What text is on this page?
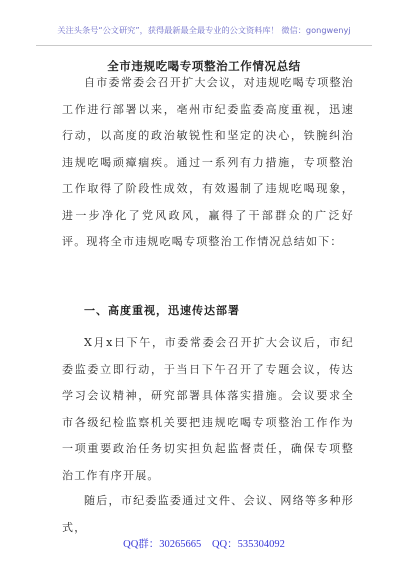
关注头条号“公文研究”，获得最新最全最专业的公文资料库！ 微信：gongwenyj
全市违规吃喝专项整治工作情况总结

自市委常委会召开扩大会议，对违规吃喝专项整治工作进行部署以来，亳州市纪委监委高度重视，迅速行动，以高度的政治敏锐性和坚定的决心，铁腕纠治违规吃喝顽瘴痼疾。通过一系列有力措施，专项整治工作取得了阶段性成效，有效遏制了违规吃喝现象，进一步净化了党风政风，赢得了干部群众的广泛好评。现将全市违规吃喝专项整治工作情况总结如下：

一、高度重视，迅速传达部署

X月x日下午，市委常委会召开扩大会议后，市纪委监委立即行动，于当日下午召开了专题会议，传达学习会议精神，研究部署具体落实措施。会议要求全市各级纪检监察机关要把违规吃喝专项整治工作作为一项重要政治任务切实担负起监督责任，确保专项整治工作有序开展。

随后，市纪委监委通过文件、会议、网络等多种形式，

QQ群：30265665 QQ：535304092
